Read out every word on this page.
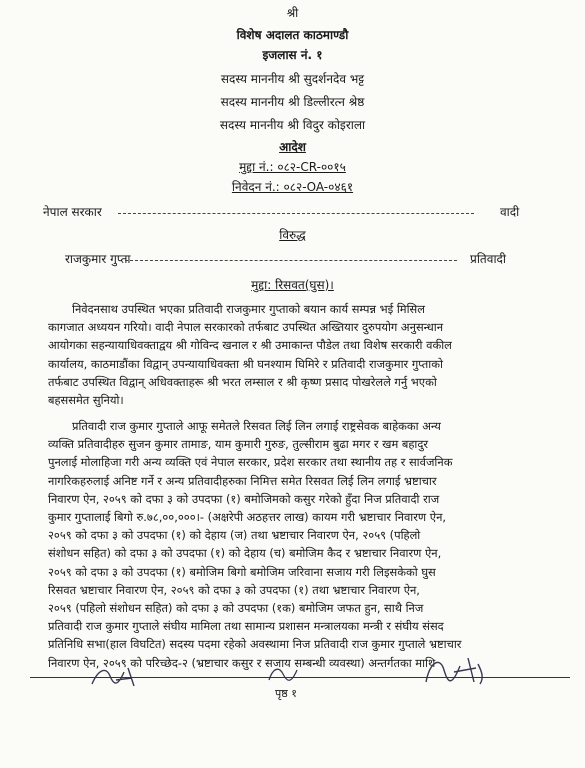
श्री
विशेष अदालत काठमाण्डौ
इजलास नं. १
सदस्य माननीय श्री सुदर्शनदेव भट्ट
सदस्य माननीय श्री डिल्लीरत्न श्रेष्ठ
सदस्य माननीय श्री विदुर कोइराला
आदेश
मुद्दा नं.: ०८२-CR-००१५
निवेदन नं.: ०८२-OA-०४६१
नेपाल सरकार	वादी
विरुद्ध
राजकुमार गुप्ता	प्रतिवादी
मुद्दा: रिसवत(घुस)।
निवेदनसाथ उपस्थित भएका प्रतिवादी राजकुमार गुप्ताको बयान कार्य सम्पन्न भई मिसिल
कागजात अध्ययन गरियो। वादी नेपाल सरकारको तर्फबाट उपस्थित अख्तियार दुरुपयोग अनुसन्धान
आयोगका सहन्यायाधिवक्ताद्वय श्री गोविन्द खनाल र श्री उमाकान्त पौडेल तथा विशेष सरकारी वकील
कार्यालय, काठमाडौंका विद्वान् उपन्यायाधिवक्ता श्री घनश्याम घिमिरे र प्रतिवादी राजकुमार गुप्ताको
तर्फबाट उपस्थित विद्वान् अधिवक्ताहरू श्री भरत लम्साल र श्री कृष्ण प्रसाद पोखरेलले गर्नु भएको
बहससमेत सुनियो।
प्रतिवादी राज कुमार गुप्ताले आफू समेतले रिसवत लिई लिन लगाई राष्ट्रसेवक बाहेकका अन्य
व्यक्ति प्रतिवादीहरु सुजन कुमार तामाङ, याम कुमारी गुरुङ, तुल्सीराम बुढा मगर र खम बहादुर
पुनलाई मोलाहिजा गरी अन्य व्यक्ति एवं नेपाल सरकार, प्रदेश सरकार तथा स्थानीय तह र सार्वजनिक
नागरिकहरुलाई अनिष्ट गर्ने र अन्य प्रतिवादीहरुका निमित्त समेत रिसवत लिई लिन लगाई भ्रष्टाचार
निवारण ऐन, २०५९ को दफा ३ को उपदफा (१) बमोजिमको कसुर गरेको हुँदा निज प्रतिवादी राज
कुमार गुप्तालाई बिगो रु.७८,००,०००।- (अक्षरेपी अठहत्तर लाख) कायम गरी भ्रष्टाचार निवारण ऐन,
२०५९ को दफा ३ को उपदफा (१) को देहाय (ज) तथा भ्रष्टाचार निवारण ऐन, २०५९ (पहिलो
संशोधन सहित) को दफा ३ को उपदफा (१) को देहाय (च) बमोजिम कैद र भ्रष्टाचार निवारण ऐन,
२०५९ को दफा ३ को उपदफा (१) बमोजिम बिगो बमोजिम जरिवाना सजाय गरी लिइसकेको घुस
रिसवत भ्रष्टाचार निवारण ऐन, २०५९ को दफा ३ को उपदफा (१) तथा भ्रष्टाचार निवारण ऐन,
२०५९ (पहिलो संशोधन सहित) को दफा ३ को उपदफा (१क) बमोजिम जफत हुन, साथै निज
प्रतिवादी राज कुमार गुप्ताले संघीय मामिला तथा सामान्य प्रशासन मन्त्रालयका मन्त्री र संघीय संसद
प्रतिनिधि सभा(हाल विघटित) सदस्य पदमा रहेको अवस्थामा निज प्रतिवादी राज कुमार गुप्ताले भ्रष्टाचार
निवारण ऐन, २०५९ को परिच्छेद-२ (भ्रष्टाचार कसुर र सजाय सम्बन्धी व्यवस्था) अन्तर्गतका माथि
पृष्ठ १
